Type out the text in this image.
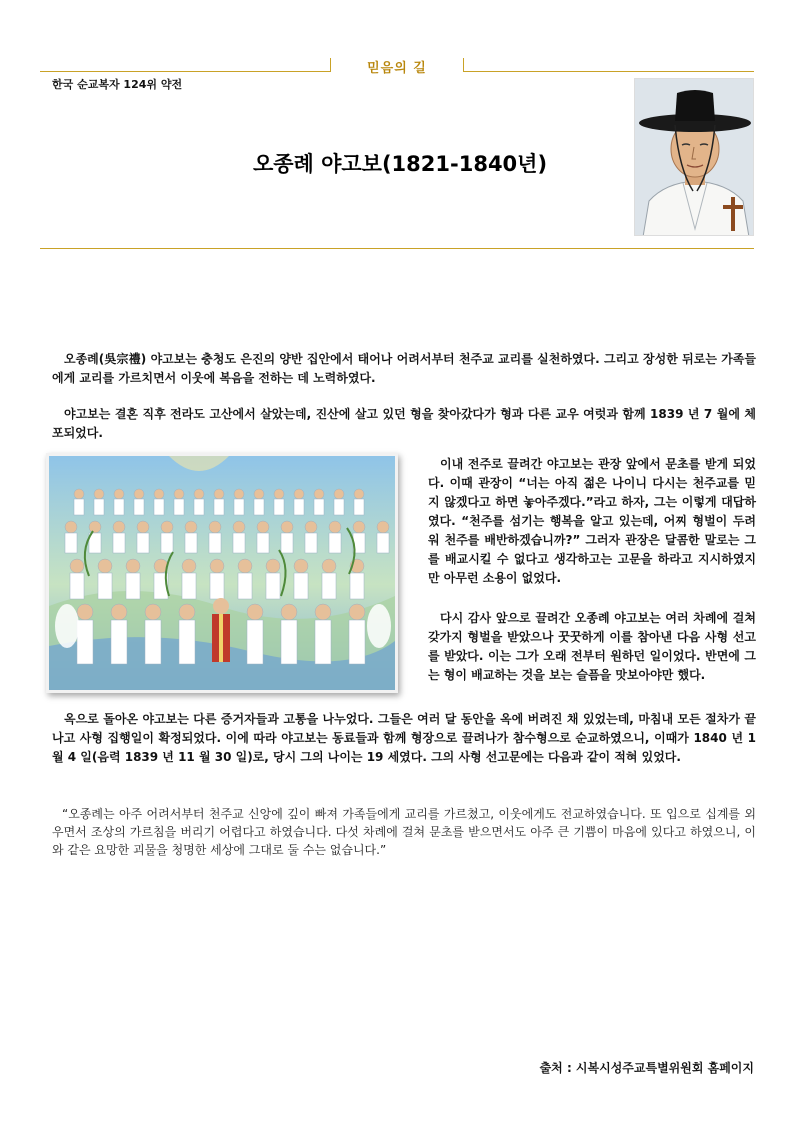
믿음의 길
한국 순교복자 124위 약전
오종례 야고보(1821-1840년)

오종례(吳宗禮) 야고보는 충청도 은진의 양반 집안에서 태어나 어려서부터 천주교 교리를 실천하였다. 그리고 장성한 뒤로는 가족들에게 교리를 가르치면서 이웃에 복음을 전하는 데 노력하였다.

야고보는 결혼 직후 전라도 고산에서 살았는데, 진산에 살고 있던 형을 찾아갔다가 형과 다른 교우 여럿과 함께 1839 년 7 월에 체포되었다.

이내 전주로 끌려간 야고보는 관장 앞에서 문초를 받게 되었다. 이때 관장이 “너는 아직 젊은 나이니 다시는 천주교를 믿지 않겠다고 하면 놓아주겠다.”라고 하자, 그는 이렇게 대답하였다. “천주를 섬기는 행복을 알고 있는데, 어찌 형벌이 두려워 천주를 배반하겠습니까?” 그러자 관장은 달콤한 말로는 그를 배교시킬 수 없다고 생각하고는 고문을 하라고 지시하였지만 아무런 소용이 없었다.

다시 감사 앞으로 끌려간 오종례 야고보는 여러 차례에 걸쳐 갖가지 형벌을 받았으나 꿋꿋하게 이를 참아낸 다음 사형 선고를 받았다. 이는 그가 오래 전부터 원하던 일이었다. 반면에 그는 형이 배교하는 것을 보는 슬픔을 맛보아야만 했다.

옥으로 돌아온 야고보는 다른 증거자들과 고통을 나누었다. 그들은 여러 달 동안을 옥에 버려진 채 있었는데, 마침내 모든 절차가 끝나고 사형 집행일이 확정되었다. 이에 따라 야고보는 동료들과 함께 형장으로 끌려나가 참수형으로 순교하였으니, 이때가 1840 년 1 월 4 일(음력 1839 년 11 월 30 일)로, 당시 그의 나이는 19 세였다. 그의 사형 선고문에는 다음과 같이 적혀 있었다.

“오종례는 아주 어려서부터 천주교 신앙에 깊이 빠져 가족들에게 교리를 가르쳤고, 이웃에게도 전교하였습니다. 또 입으로 십계를 외우면서 조상의 가르침을 버리기 어렵다고 하였습니다. 다섯 차례에 걸쳐 문초를 받으면서도 아주 큰 기쁨이 마음에 있다고 하였으니, 이와 같은 요망한 괴물을 청명한 세상에 그대로 둘 수는 없습니다.”

출처 : 시복시성주교특별위원회 홈페이지
